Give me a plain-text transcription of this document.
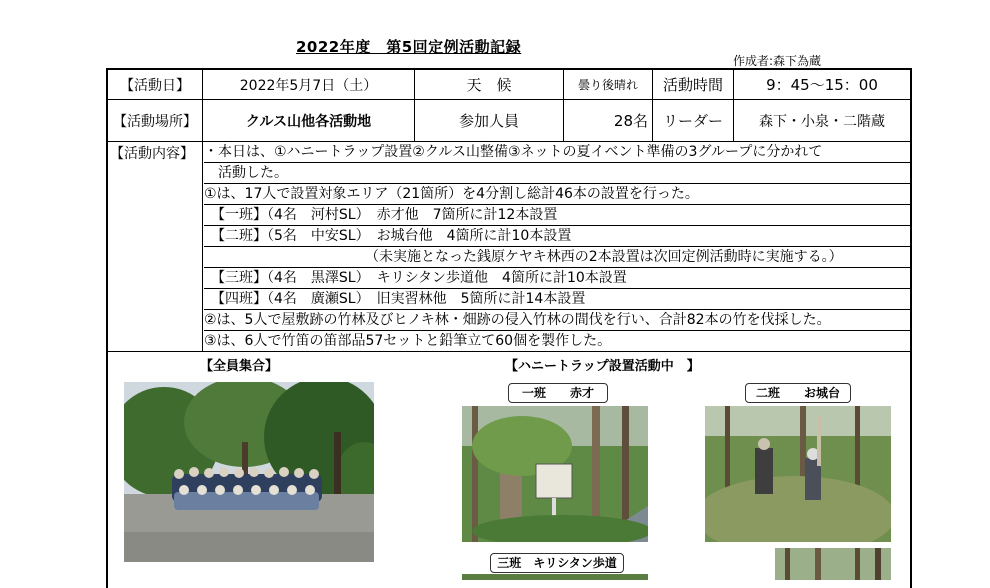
2022年度　第5回定例活動記録
作成者:森下為蔵
【活動日】	2022年5月7日（土）	天　候	曇り後晴れ	活動時間	9：45～15：00
【活動場所】	クルス山他各活動地	参加人員	28名 リーダー	森下・小泉・二階蔵
【活動内容】 ・本日は、①ハニートラップ設置②クルス山整備③ネットの夏イベント準備の3グループに分かれて
　活動した。
①は、17人で設置対象エリア（21箇所）を4分割し総計46本の設置を行った。
　【一班】（4名　河村SL）　赤才他　7箇所に計12本設置
　【二班】（5名　中安SL）　お城台他　4箇所に計10本設置
　　　　　　　　　　　　（未実施となった銭原ケヤキ林西の2本設置は次回定例活動時に実施する。）
　【三班】（4名　黒澤SL）　キリシタン歩道他　4箇所に計10本設置
　【四班】（4名　廣瀬SL）　旧実習林他　5箇所に計14本設置
②は、5人で屋敷跡の竹林及びヒノキ林・畑跡の侵入竹林の間伐を行い、合計82本の竹を伐採した。
③は、6人で竹笛の笛部品57セットと鉛筆立て60個を製作した。
【全員集合】	【ハニートラップ設置活動中　】
一班　　赤才	二班　　お城台
三班　キリシタン歩道
